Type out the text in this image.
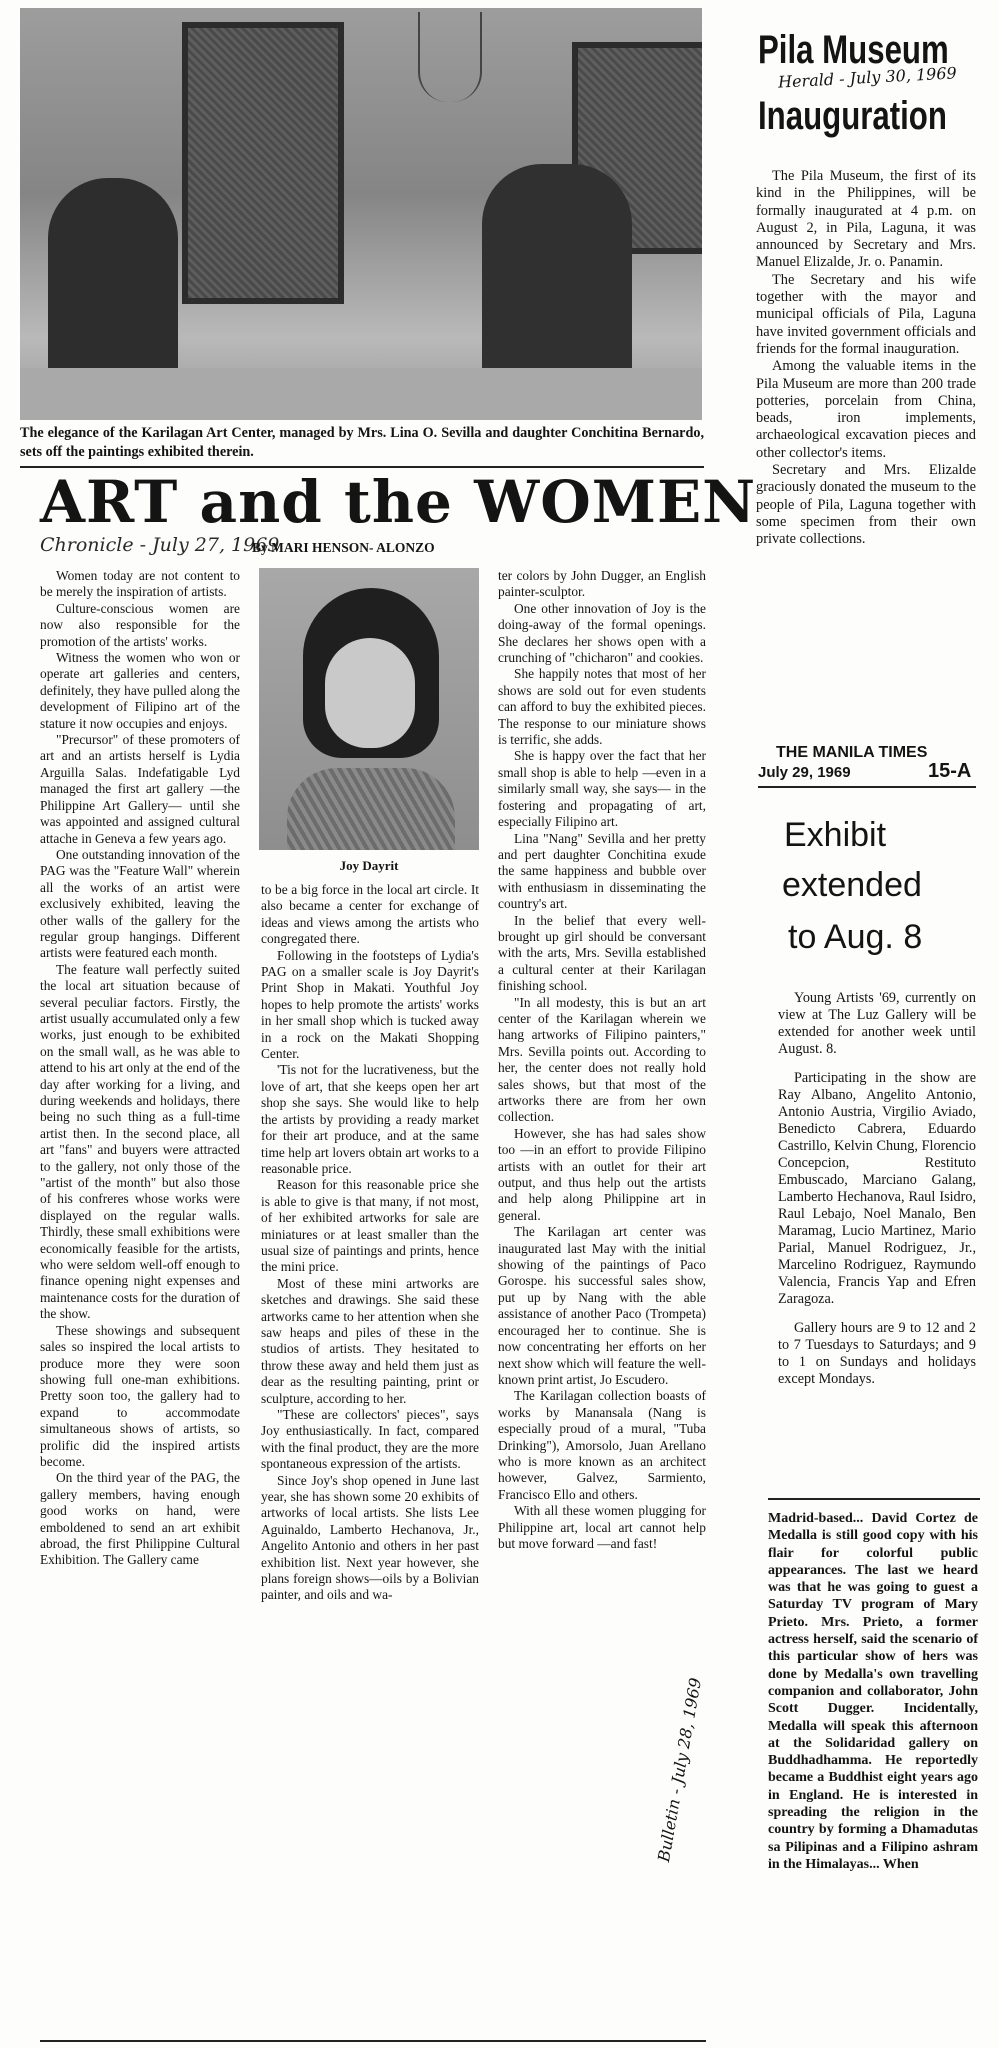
The elegance of the Karilagan Art Center, managed by Mrs. Lina O. Sevilla and daughter Conchitina Bernardo, sets off the paintings exhibited therein.
ART and the WOMEN
Chronicle - July 27, 1969
By MARI HENSON- ALONZO
Joy Dayrit

Women today are not content to be merely the inspiration of artists.

Culture-conscious women are now also responsible for the promotion of the artists' works.

Witness the women who won or operate art galleries and centers, definitely, they have pulled along the development of Filipino art of the stature it now occupies and enjoys.

"Precursor" of these promoters of art and an artists herself is Lydia Arguilla Salas. Indefatigable Lyd managed the first art gallery —the Philippine Art Gallery— until she was appointed and assigned cultural attache in Geneva a few years ago.

One outstanding innovation of the PAG was the "Feature Wall" wherein all the works of an artist were exclusively exhibited, leaving the other walls of the gallery for the regular group hangings. Different artists were featured each month.

The feature wall perfectly suited the local art situation because of several peculiar factors. Firstly, the artist usually accumulated only a few works, just enough to be exhibited on the small wall, as he was able to attend to his art only at the end of the day after working for a living, and during weekends and holidays, there being no such thing as a full-time artist then. In the second place, all art "fans" and buyers were attracted to the gallery, not only those of the "artist of the month" but also those of his confreres whose works were displayed on the regular walls. Thirdly, these small exhibitions were economically feasible for the artists, who were seldom well-off enough to finance opening night expenses and maintenance costs for the duration of the show.

These showings and subsequent sales so inspired the local artists to produce more they were soon showing full one-man exhibitions. Pretty soon too, the gallery had to expand to accommodate simultaneous shows of artists, so prolific did the inspired artists become.

On the third year of the PAG, the gallery members, having enough good works on hand, were emboldened to send an art exhibit abroad, the first Philippine Cultural Exhibition. The Gallery came

to be a big force in the local art circle. It also became a center for exchange of ideas and views among the artists who congregated there.

Following in the footsteps of Lydia's PAG on a smaller scale is Joy Dayrit's Print Shop in Makati. Youthful Joy hopes to help promote the artists' works in her small shop which is tucked away in a rock on the Makati Shopping Center.

'Tis not for the lucrativeness, but the love of art, that she keeps open her art shop she says. She would like to help the artists by providing a ready market for their art produce, and at the same time help art lovers obtain art works to a reasonable price.

Reason for this reasonable price she is able to give is that many, if not most, of her exhibited artworks for sale are miniatures or at least smaller than the usual size of paintings and prints, hence the mini price.

Most of these mini artworks are sketches and drawings. She said these artworks came to her attention when she saw heaps and piles of these in the studios of artists. They hesitated to throw these away and held them just as dear as the resulting painting, print or sculpture, according to her.

"These are collectors' pieces", says Joy enthusiastically. In fact, compared with the final product, they are the more spontaneous expression of the artists.

Since Joy's shop opened in June last year, she has shown some 20 exhibits of artworks of local artists. She lists Lee Aguinaldo, Lamberto Hechanova, Jr., Angelito Antonio and others in her past exhibition list. Next year however, she plans foreign shows—oils by a Bolivian painter, and oils and wa-

ter colors by John Dugger, an English painter-sculptor.

One other innovation of Joy is the doing-away of the formal openings. She declares her shows open with a crunching of "chicharon" and cookies.

She happily notes that most of her shows are sold out for even students can afford to buy the exhibited pieces. The response to our miniature shows is terrific, she adds.

She is happy over the fact that her small shop is able to help —even in a similarly small way, she says— in the fostering and propagating of art, especially Filipino art.

Lina "Nang" Sevilla and her pretty and pert daughter Conchitina exude the same happiness and bubble over with enthusiasm in disseminating the country's art.

In the belief that every well-brought up girl should be conversant with the arts, Mrs. Sevilla established a cultural center at their Karilagan finishing school.

"In all modesty, this is but an art center of the Karilagan wherein we hang artworks of Filipino painters," Mrs. Sevilla points out. According to her, the center does not really hold sales shows, but that most of the artworks there are from her own collection.

However, she has had sales show too —in an effort to provide Filipino artists with an outlet for their art output, and thus help out the artists and help along Philippine art in general.

The Karilagan art center was inaugurated last May with the initial showing of the paintings of Paco Gorospe. his successful sales show, put up by Nang with the able assistance of another Paco (Trompeta) encouraged her to continue. She is now concentrating her efforts on her next show which will feature the well-known print artist, Jo Escudero.

The Karilagan collection boasts of works by Manansala (Nang is especially proud of a mural, "Tuba Drinking"), Amorsolo, Juan Arellano who is more known as an architect however, Galvez, Sarmiento, Francisco Ello and others.

With all these women plugging for Philippine art, local art cannot help but move forward —and fast!

Pila Museum
Herald - July 30, 1969
Inauguration

The Pila Museum, the first of its kind in the Philippines, will be formally inaugurated at 4 p.m. on August 2, in Pila, Laguna, it was announced by Secretary and Mrs. Manuel Elizalde, Jr. o. Panamin.

The Secretary and his wife together with the mayor and municipal officials of Pila, Laguna have invited government officials and friends for the formal inauguration.

Among the valuable items in the Pila Museum are more than 200 trade potteries, porcelain from China, beads, iron implements, archaeological excavation pieces and other collector's items.

Secretary and Mrs. Elizalde graciously donated the museum to the people of Pila, Laguna together with some specimen from their own private collections.

THE MANILA TIMES
July 29, 1969	15-A
Exhibit
extended
to Aug. 8

Young Artists '69, currently on view at The Luz Gallery will be extended for another week until August. 8.

Participating in the show are Ray Albano, Angelito Antonio, Antonio Austria, Virgilio Aviado, Benedicto Cabrera, Eduardo Castrillo, Kelvin Chung, Florencio Concepcion, Restituto Embuscado, Marciano Galang, Lamberto Hechanova, Raul Isidro, Raul Lebajo, Noel Manalo, Ben Maramag, Lucio Martinez, Mario Parial, Manuel Rodriguez, Jr., Marcelino Rodriguez, Raymundo Valencia, Francis Yap and Efren Zaragoza.

Gallery hours are 9 to 12 and 2 to 7 Tuesdays to Saturdays; and 9 to 1 on Sundays and holidays except Mondays.

Bulletin - July 28, 1969
Madrid-based... David Cortez de Medalla is still good copy with his flair for colorful public appearances. The last we heard was that he was going to guest a Saturday TV program of Mary Prieto. Mrs. Prieto, a former actress herself, said the scenario of this particular show of hers was done by Medalla's own travelling companion and collaborator, John Scott Dugger. Incidentally, Medalla will speak this afternoon at the Solidaridad gallery on Buddhadhamma. He reportedly became a Buddhist eight years ago in England. He is interested in spreading the religion in the country by forming a Dhamadutas sa Pilipinas and a Filipino ashram in the Himalayas... When
